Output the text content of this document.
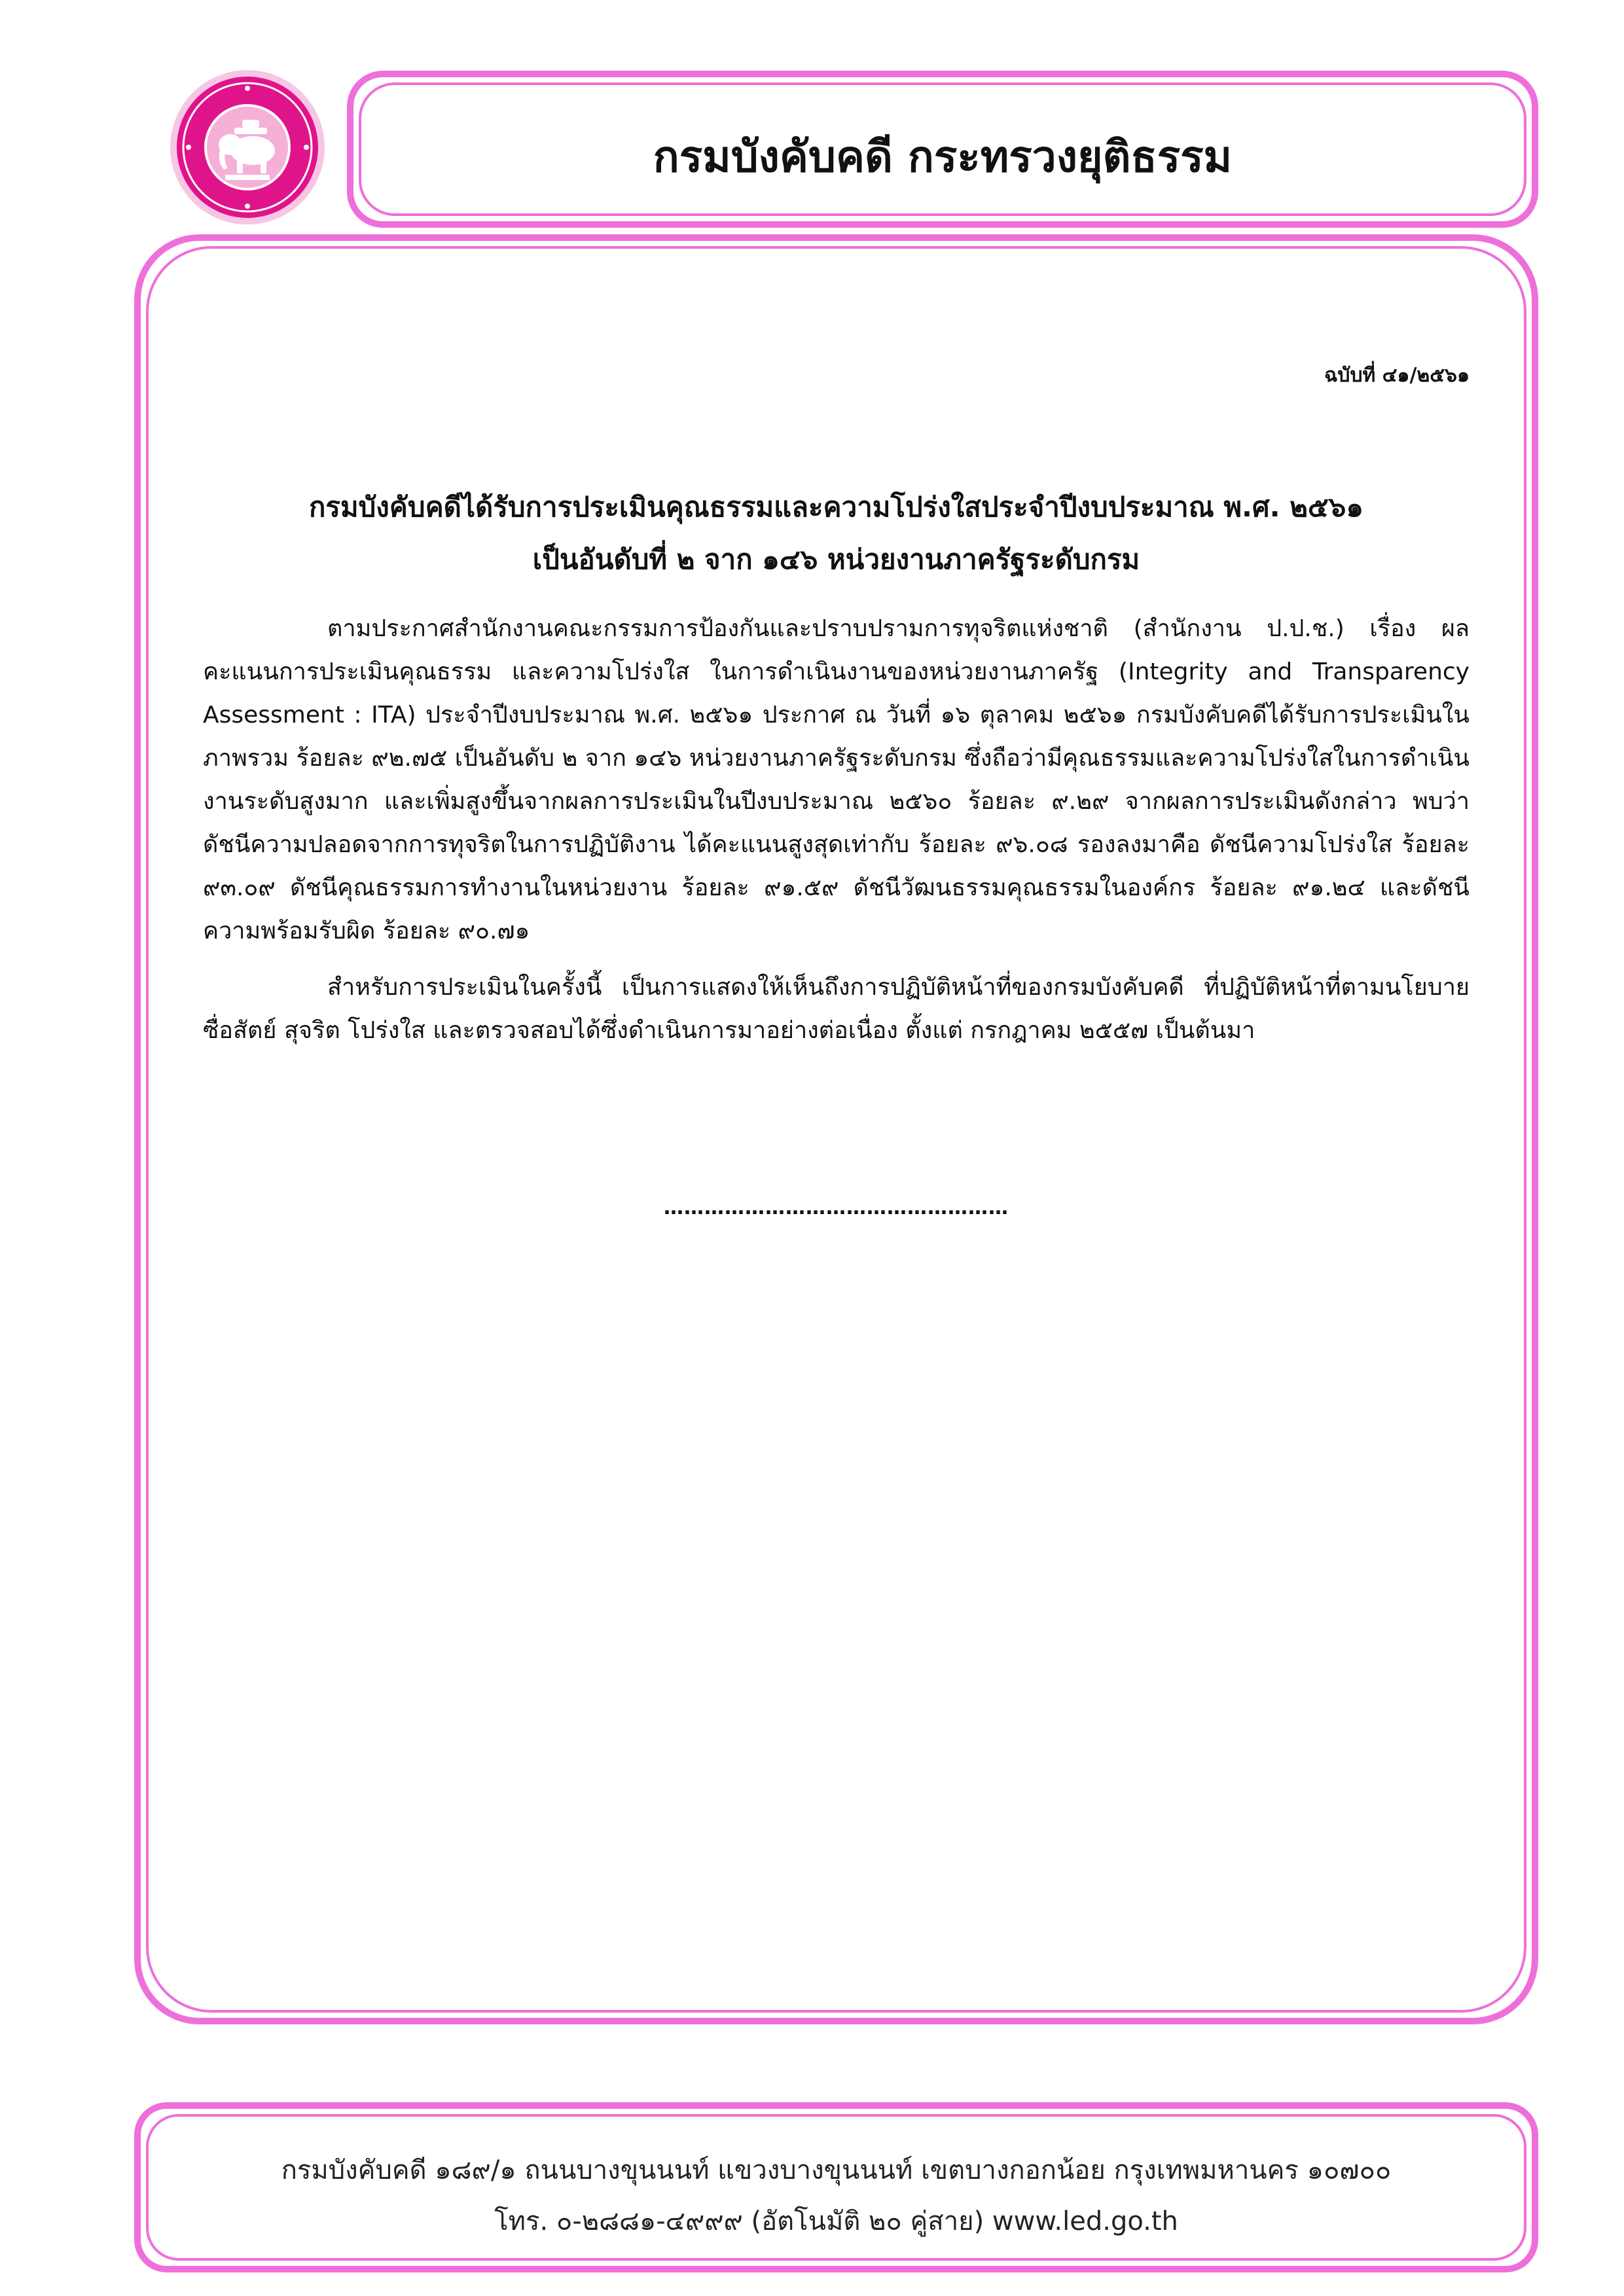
กรมบังคับคดี กระทรวงยุติธรรม

ฉบับที่ ๔๑/๒๕๖๑

กรมบังคับคดีได้รับการประเมินคุณธรรมและความโปร่งใสประจำปีงบประมาณ พ.ศ. ๒๕๖๑
เป็นอันดับที่ ๒ จาก ๑๔๖ หน่วยงานภาครัฐระดับกรม

ตามประกาศสำนักงานคณะกรรมการป้องกันและปราบปรามการทุจริตแห่งชาติ (สำนักงาน ป.ป.ช.) เรื่อง ผลคะแนนการประเมินคุณธรรม และความโปร่งใส ในการดำเนินงานของหน่วยงานภาครัฐ (Integrity and Transparency Assessment : ITA) ประจำปีงบประมาณ พ.ศ. ๒๕๖๑ ประกาศ ณ วันที่ ๑๖ ตุลาคม ๒๕๖๑ กรมบังคับคดีได้รับการประเมินในภาพรวม ร้อยละ ๙๒.๗๕ เป็นอันดับ ๒ จาก ๑๔๖ หน่วยงานภาครัฐระดับกรม ซึ่งถือว่ามีคุณธรรมและความโปร่งใสในการดำเนินงานระดับสูงมาก และเพิ่มสูงขึ้นจากผลการประเมินในปีงบประมาณ ๒๕๖๐ ร้อยละ ๙.๒๙ จากผลการประเมินดังกล่าว พบว่า ดัชนีความปลอดจากการทุจริตในการปฏิบัติงาน ได้คะแนนสูงสุดเท่ากับ ร้อยละ ๙๖.๐๘ รองลงมาคือ ดัชนีความโปร่งใส ร้อยละ ๙๓.๐๙ ดัชนีคุณธรรมการทำงานในหน่วยงาน ร้อยละ ๙๑.๕๙ ดัชนีวัฒนธรรมคุณธรรมในองค์กร ร้อยละ ๙๑.๒๔ และดัชนีความพร้อมรับผิด ร้อยละ ๙๐.๗๑

สำหรับการประเมินในครั้งนี้ เป็นการแสดงให้เห็นถึงการปฏิบัติหน้าที่ของกรมบังคับคดี ที่ปฏิบัติหน้าที่ตามนโยบาย ซื่อสัตย์ สุจริต โปร่งใส และตรวจสอบได้ซึ่งดำเนินการมาอย่างต่อเนื่อง ตั้งแต่ กรกฎาคม ๒๕๕๗ เป็นต้นมา

……………………………………………

กรมบังคับคดี ๑๘๙/๑ ถนนบางขุนนนท์ แขวงบางขุนนนท์ เขตบางกอกน้อย กรุงเทพมหานคร ๑๐๗๐๐
โทร. ๐-๒๘๘๑-๔๙๙๙ (อัตโนมัติ ๒๐ คู่สาย) www.led.go.th
